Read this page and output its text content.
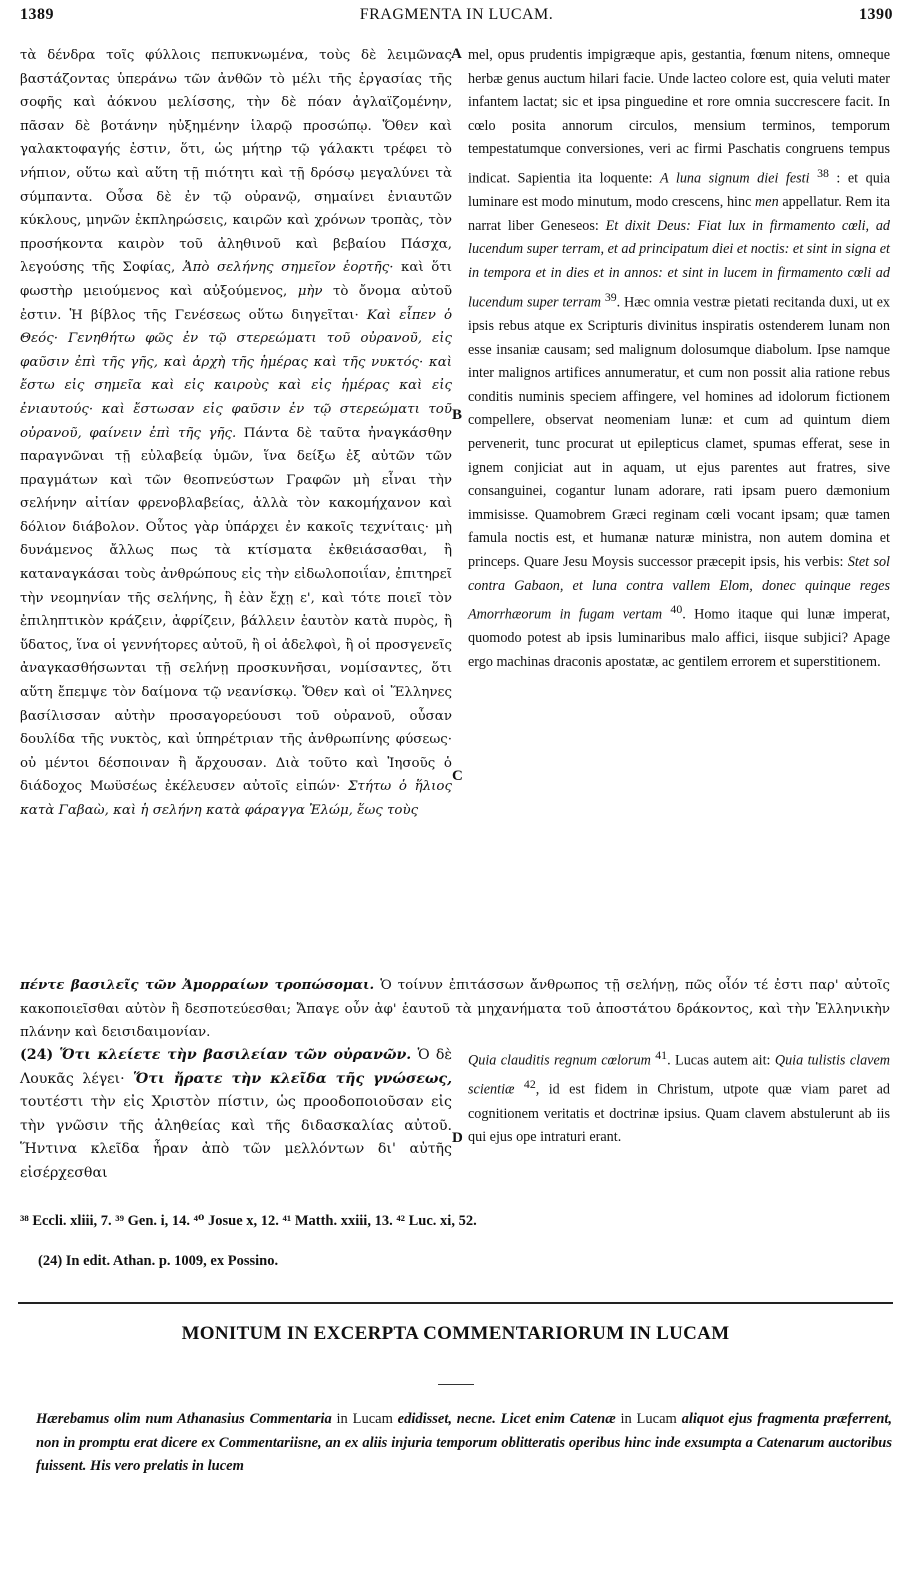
1389	FRAGMENTA IN LUCAM.	1390
A
B
C
D

τὰ δένδρα τοῖς φύλλοις πεπυκνωμένα, τοὺς δὲ λειμῶνας βαστάζοντας ὑπεράνω τῶν ἀνθῶν τὸ μέλι τῆς ἐργασίας τῆς σοφῆς καὶ ἀόκνου μελίσσης, τὴν δὲ πόαν ἀγλαϊζομένην, πᾶσαν δὲ βοτάνην ηὐξημένην ἱλαρῷ προσώπῳ. Ὅθεν καὶ γαλακτοφαγής ἐστιν, ὅτι, ὡς μήτηρ τῷ γάλακτι τρέφει τὸ νήπιον, οὕτω καὶ αὕτη τῇ πιότητι καὶ τῇ δρόσῳ μεγαλύνει τὰ σύμπαντα. Οὖσα δὲ ἐν τῷ οὐρανῷ, σημαίνει ἐνιαυτῶν κύκλους, μηνῶν ἐκπληρώσεις, καιρῶν καὶ χρόνων τροπὰς, τὸν προσήκοντα καιρὸν τοῦ ἀληθινοῦ καὶ βεβαίου Πάσχα, λεγούσης τῆς Σοφίας, Ἀπὸ σελήνης σημεῖον ἑορτῆς· καὶ ὅτι φωστὴρ μειούμενος καὶ αὐξούμενος, μὴν τὸ ὄνομα αὐτοῦ ἐστιν. Ἡ βίβλος τῆς Γενέσεως οὕτω διηγεῖται· Καὶ εἶπεν ὁ Θεός· Γενηθήτω φῶς ἐν τῷ στερεώματι τοῦ οὐρανοῦ, εἰς φαῦσιν ἐπὶ τῆς γῆς, καὶ ἀρχὴ τῆς ἡμέρας καὶ τῆς νυκτός· καὶ ἔστω εἰς σημεῖα καὶ εἰς καιροὺς καὶ εἰς ἡμέρας καὶ εἰς ἐνιαυτούς· καὶ ἔστωσαν εἰς φαῦσιν ἐν τῷ στερεώματι τοῦ οὐρανοῦ, φαίνειν ἐπὶ τῆς γῆς. Πάντα δὲ ταῦτα ἠναγκάσθην παραγνῶναι τῇ εὐλαβείᾳ ὑμῶν, ἵνα δείξω ἐξ αὐτῶν τῶν πραγμάτων καὶ τῶν θεοπνεύστων Γραφῶν μὴ εἶναι τὴν σελήνην αἰτίαν φρενοβλαβείας, ἀλλὰ τὸν κακομήχανον καὶ δόλιον διάβολον. Οὗτος γὰρ ὑπάρχει ἐν κακοῖς τεχνίταις· μὴ δυνάμενος ἄλλως πως τὰ κτίσματα ἐκθειάσασθαι, ἢ καταναγκάσαι τοὺς ἀνθρώπους εἰς τὴν εἰδωλοποιΐαν, ἐπιτηρεῖ τὴν νεομηνίαν τῆς σελήνης, ἢ ἐὰν ἔχῃ ε', καὶ τότε ποιεῖ τὸν ἐπιληπτικὸν κράζειν, ἀφρίζειν, βάλλειν ἑαυτὸν κατὰ πυρὸς, ἢ ὕδατος, ἵνα οἱ γεννήτορες αὐτοῦ, ἢ οἱ ἀδελφοὶ, ἢ οἱ προσγενεῖς ἀναγκασθήσωνται τῇ σελήνῃ προσκυνῆσαι, νομίσαντες, ὅτι αὕτη ἔπεμψε τὸν δαίμονα τῷ νεανίσκῳ. Ὅθεν καὶ οἱ Ἕλληνες βασίλισσαν αὐτὴν προσαγορεύουσι τοῦ οὐρανοῦ, οὖσαν δουλίδα τῆς νυκτὸς, καὶ ὑπηρέτριαν τῆς ἀνθρωπίνης φύσεως· οὐ μέντοι δέσποιναν ἢ ἄρχουσαν. Διὰ τοῦτο καὶ Ἰησοῦς ὁ διάδοχος Μωϋσέως ἐκέλευσεν αὐτοῖς εἰπών· Στήτω ὁ ἥλιος κατὰ Γαβαὼ, καὶ ἡ σελήνη κατὰ φάραγγα Ἐλώμ, ἕως τοὺς

mel, opus prudentis impigræque apis, gestantia, fœnum nitens, omneque herbæ genus auctum hilari facie. Unde lacteo colore est, quia veluti mater infantem lactat; sic et ipsa pinguedine et rore omnia succrescere facit. In cœlo posita annorum circulos, mensium terminos, temporum tempestatumque conversiones, veri ac firmi Paschatis congruens tempus indicat. Sapientia ita loquente: A luna signum diei festi $^{38}$ : et quia luminare est modo minutum, modo crescens, hinc men appellatur. Rem ita narrat liber Geneseos: Et dixit Deus: Fiat lux in firmamento cœli, ad lucendum super terram, et ad principatum diei et noctis: et sint in signa et in tempora et in dies et in annos: et sint in lucem in firmamento cœli ad lucendum super terram $^{39}$. Hæc omnia vestræ pietati recitanda duxi, ut ex ipsis rebus atque ex Scripturis divinitus inspiratis ostenderem lunam non esse insaniæ causam; sed malignum dolosumque diabolum. Ipse namque inter malignos artifices annumeratur, et cum non possit alia ratione rebus conditis numinis speciem affingere, vel homines ad idolorum fictionem compellere, observat neomeniam lunæ: et cum ad quintum diem pervenerit, tunc procurat ut epilepticus clamet, spumas efferat, sese in ignem conjiciat aut in aquam, ut ejus parentes aut fratres, sive consanguinei, cogantur lunam adorare, rati ipsam puero dæmonium immisisse. Quamobrem Græci reginam cœli vocant ipsam; quæ tamen famula noctis est, et humanæ naturæ ministra, non autem domina et princeps. Quare Jesu Moysis successor præcepit ipsis, his verbis: Stet sol contra Gabaon, et luna contra vallem Elom, donec quinque reges Amorrhæorum in fugam vertam $^{40}$. Homo itaque qui lunæ imperat, quomodo potest ab ipsis luminaribus malo affici, iisque subjici? Apage ergo machinas draconis apostatæ, ac gentilem errorem et superstitionem.

πέντε βασιλεῖς τῶν Ἀμορραίων τροπώσομαι. Ὁ τοίνυν ἐπιτάσσων ἄνθρωπος τῇ σελήνῃ, πῶς οἷόν τέ ἐστι παρ' αὐτοῖς κακοποιεῖσθαι αὐτὸν ἢ δεσποτεύεσθαι; Ἄπαγε οὖν ἀφ' ἑαυτοῦ τὰ μηχανήματα τοῦ ἀποστάτου δράκοντος, καὶ τὴν Ἑλληνικὴν πλάνην καὶ δεισιδαιμονίαν.

(24) Ὅτι κλείετε τὴν βασιλείαν τῶν οὐρανῶν. Ὁ δὲ Λουκᾶς λέγει· Ὅτι ἤρατε τὴν κλεῖδα τῆς γνώσεως, τουτέστι τὴν εἰς Χριστὸν πίστιν, ὡς προοδοποιοῦσαν εἰς τὴν γνῶσιν τῆς ἀληθείας καὶ τῆς διδασκαλίας αὐτοῦ. Ἥντινα κλεῖδα ἦραν ἀπὸ τῶν μελλόντων δι' αὐτῆς εἰσέρχεσθαι

Quia clauditis regnum cœlorum $^{41}$. Lucas autem ait: Quia tulistis clavem scientiæ $^{42}$, id est fidem in Christum, utpote quæ viam paret ad cognitionem veritatis et doctrinæ ipsius. Quam clavem abstulerunt ab iis qui ejus ope intraturi erant.

³⁸ Eccli. xliii, 7. ³⁹ Gen. i, 14. ⁴⁰ Josue x, 12. ⁴¹ Matth. xxiii, 13. ⁴² Luc. xi, 52.
(24) In edit. Athan. p. 1009, ex Possino.
MONITUM IN EXCERPTA COMMENTARIORUM IN LUCAM

Hærebamus olim num Athanasius Commentaria in Lucam edidisset, necne. Licet enim Catenæ in Lucam aliquot ejus fragmenta præferrent, non in promptu erat dicere ex Commentariisne, an ex aliis injuria temporum oblitteratis operibus hinc inde exsumpta a Catenarum auctoribus fuissent. His vero prelatis in lucem
